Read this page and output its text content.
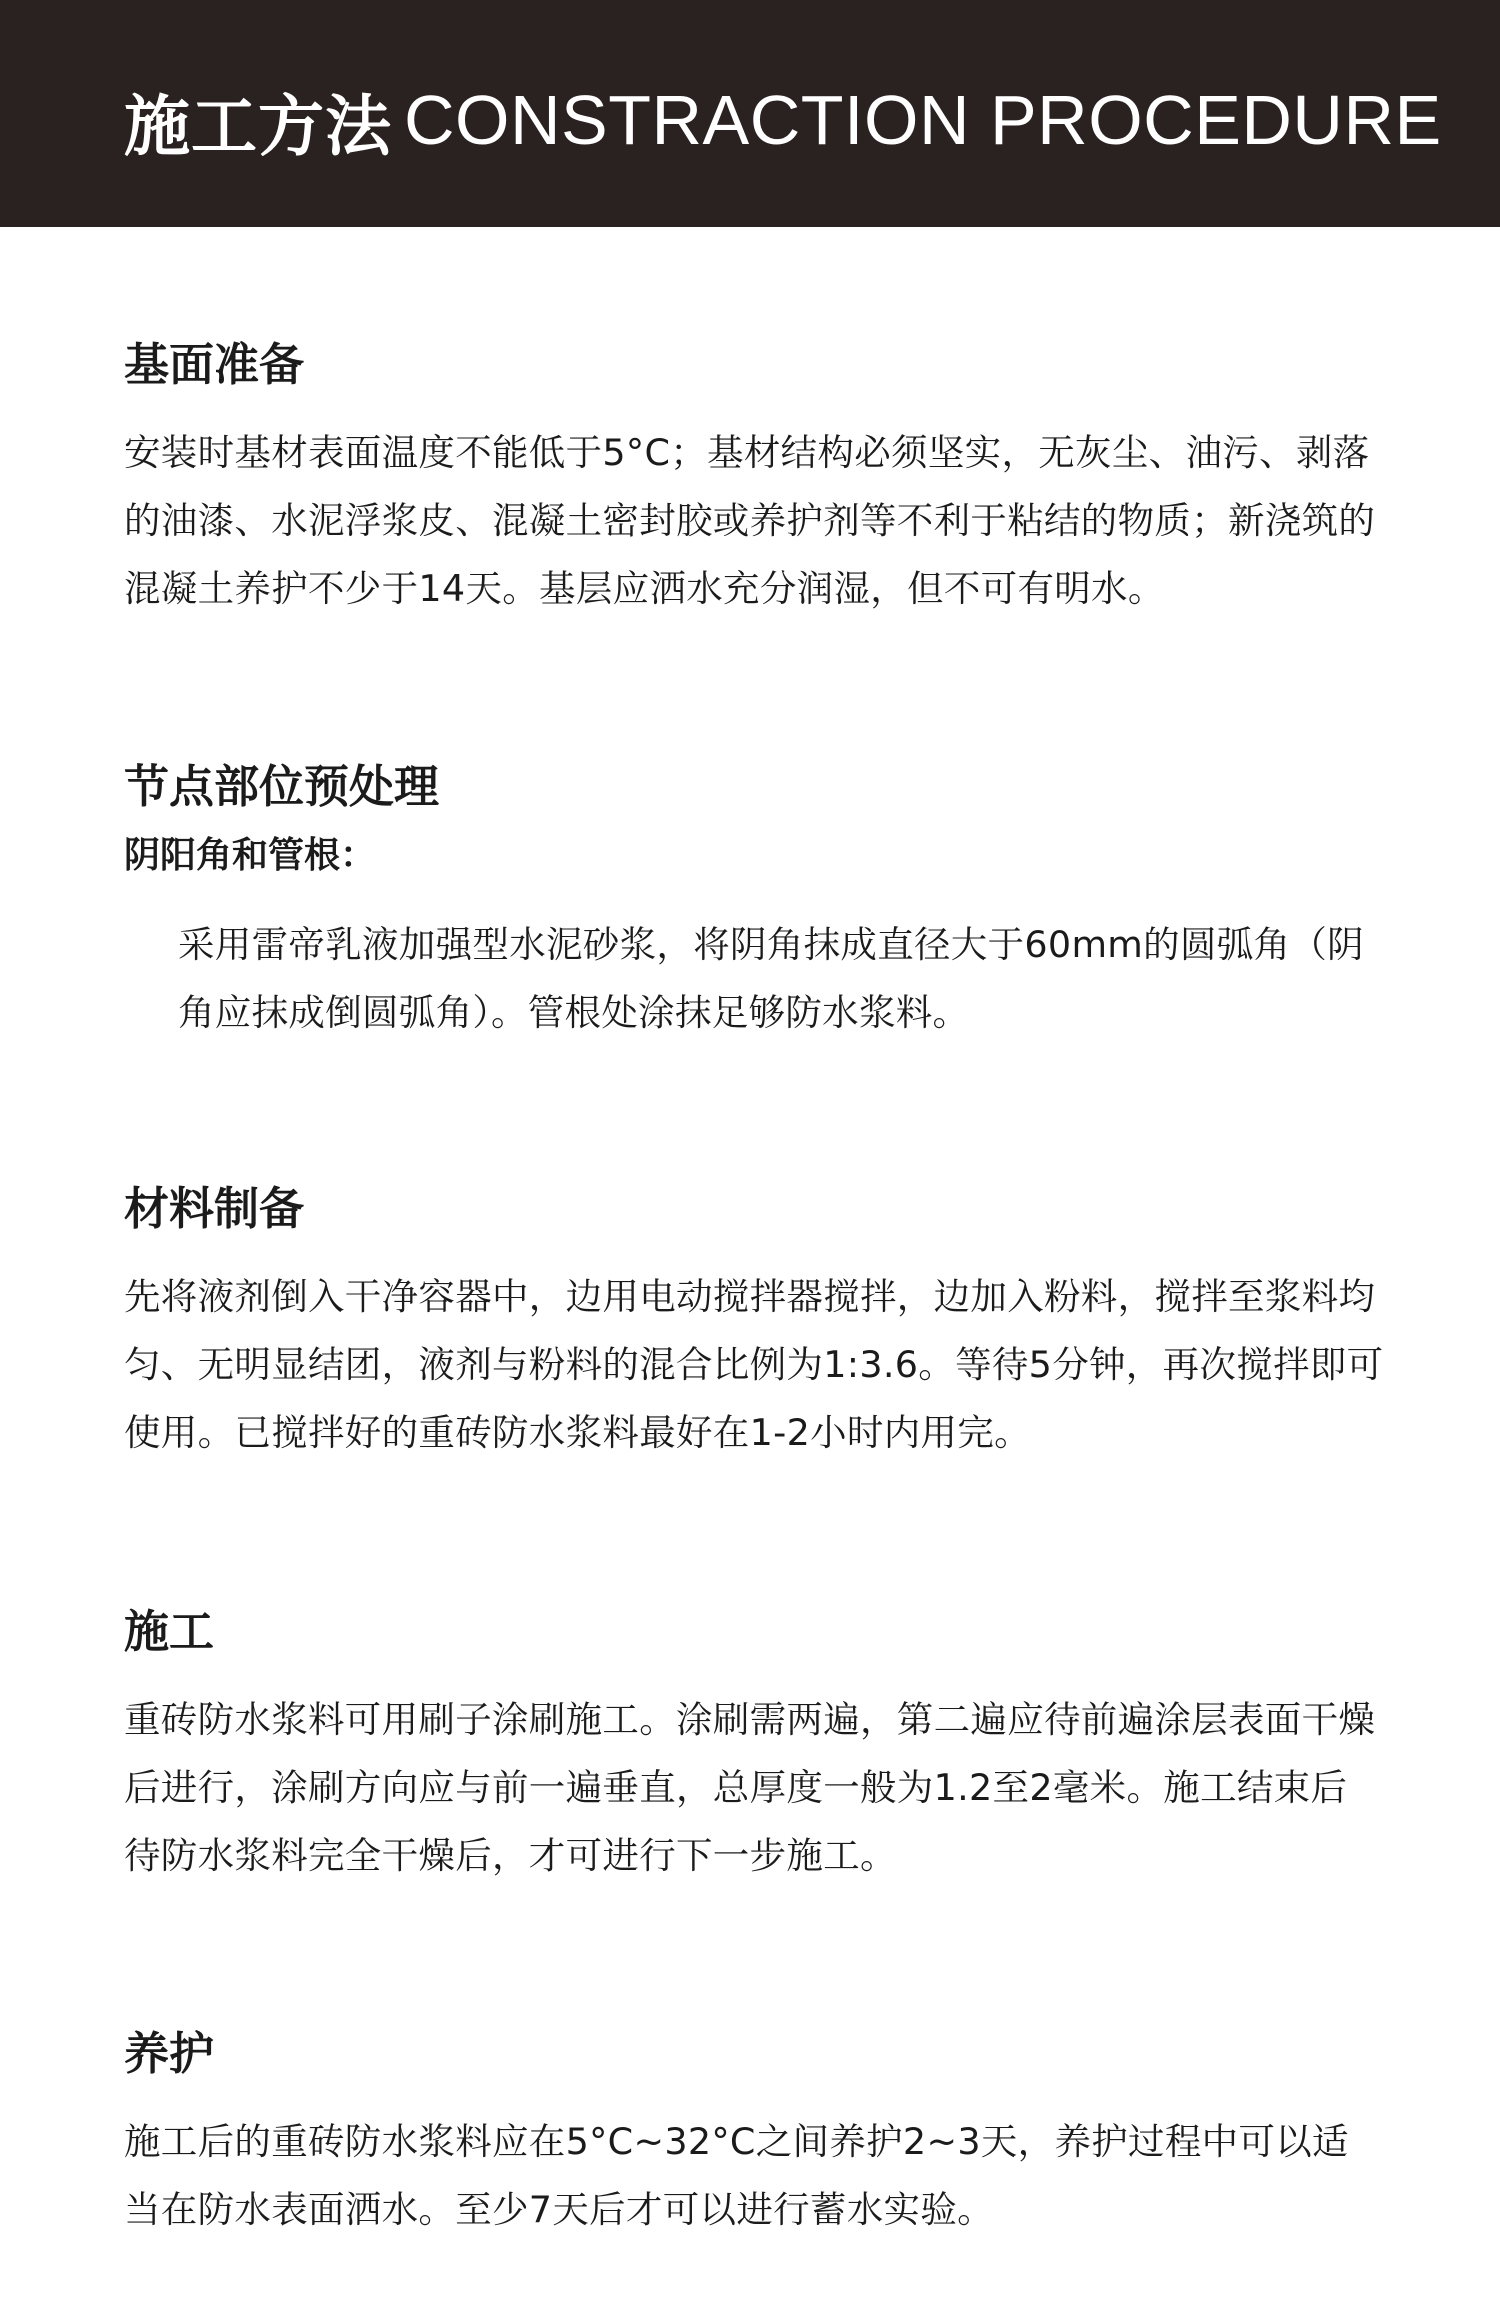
施工方法 CONSTRACTION PROCEDURE
基面准备
安装时基材表面温度不能低于5°C；基材结构必须坚实，无灰尘、油污、剥落的油漆、水泥浮浆皮、混凝土密封胶或养护剂等不利于粘结的物质；新浇筑的混凝土养护不少于14天。基层应洒水充分润湿，但不可有明水。
节点部位预处理
阴阳角和管根：
采用雷帝乳液加强型水泥砂浆，将阴角抹成直径大于60mm的圆弧角（阴角应抹成倒圆弧角）。管根处涂抹足够防水浆料。
材料制备
先将液剂倒入干净容器中，边用电动搅拌器搅拌，边加入粉料，搅拌至浆料均匀、无明显结团，液剂与粉料的混合比例为1:3.6。等待5分钟，再次搅拌即可使用。已搅拌好的重砖防水浆料最好在1-2小时内用完。
施工
重砖防水浆料可用刷子涂刷施工。涂刷需两遍，第二遍应待前遍涂层表面干燥后进行，涂刷方向应与前一遍垂直，总厚度一般为1.2至2毫米。施工结束后待防水浆料完全干燥后，才可进行下一步施工。
养护
施工后的重砖防水浆料应在5°C~32°C之间养护2~3天，养护过程中可以适当在防水表面洒水。至少7天后才可以进行蓄水实验。
